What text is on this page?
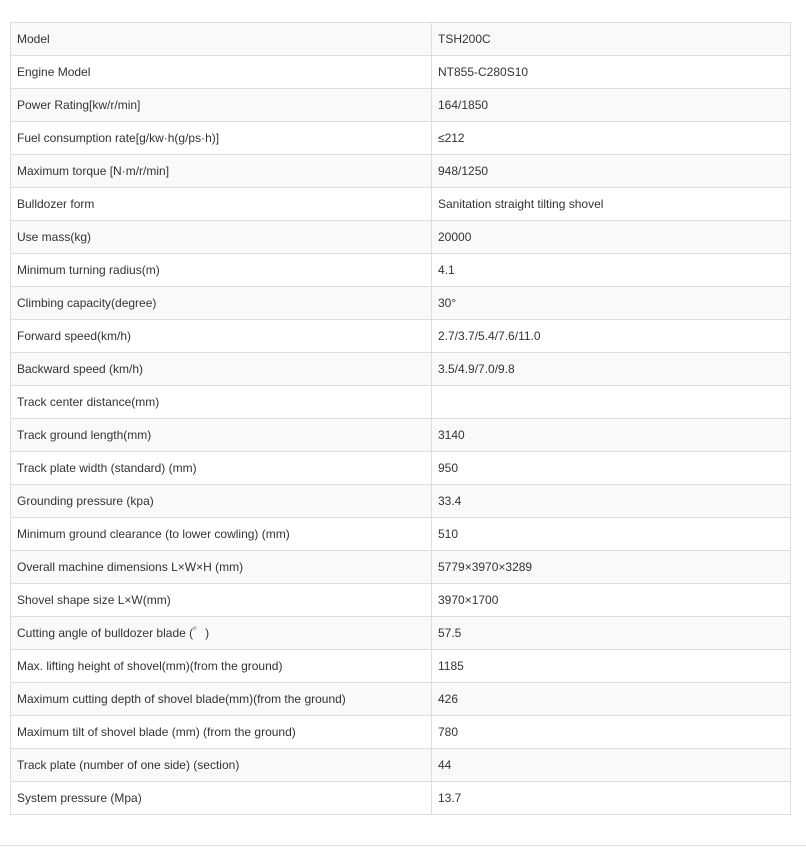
Model	TSH200C
Engine Model	NT855-C280S10
Power Rating[kw/r/min]	164/1850
Fuel consumption rate[g/kw·h(g/ps·h)]	≤212
Maximum torque [N·m/r/min]	948/1250
Bulldozer form	Sanitation straight tilting shovel
Use mass(kg)	20000
Minimum turning radius(m)	4.1
Climbing capacity(degree)	30°
Forward speed(km/h)	2.7/3.7/5.4/7.6/11.0
Backward speed (km/h)	3.5/4.9/7.0/9.8
Track center distance(mm)	
Track ground length(mm)	3140
Track plate width (standard) (mm)	950
Grounding pressure (kpa)	33.4
Minimum ground clearance (to lower cowling) (mm)	510
Overall machine dimensions L×W×H (mm)	5779×3970×3289
Shovel shape size L×W(mm)	3970×1700
Cutting angle of bulldozer blade (゜)	57.5
Max. lifting height of shovel(mm)(from the ground)	1185
Maximum cutting depth of shovel blade(mm)(from the ground)	426
Maximum tilt of shovel blade (mm) (from the ground)	780
Track plate (number of one side) (section)	44
System pressure (Mpa)	13.7
